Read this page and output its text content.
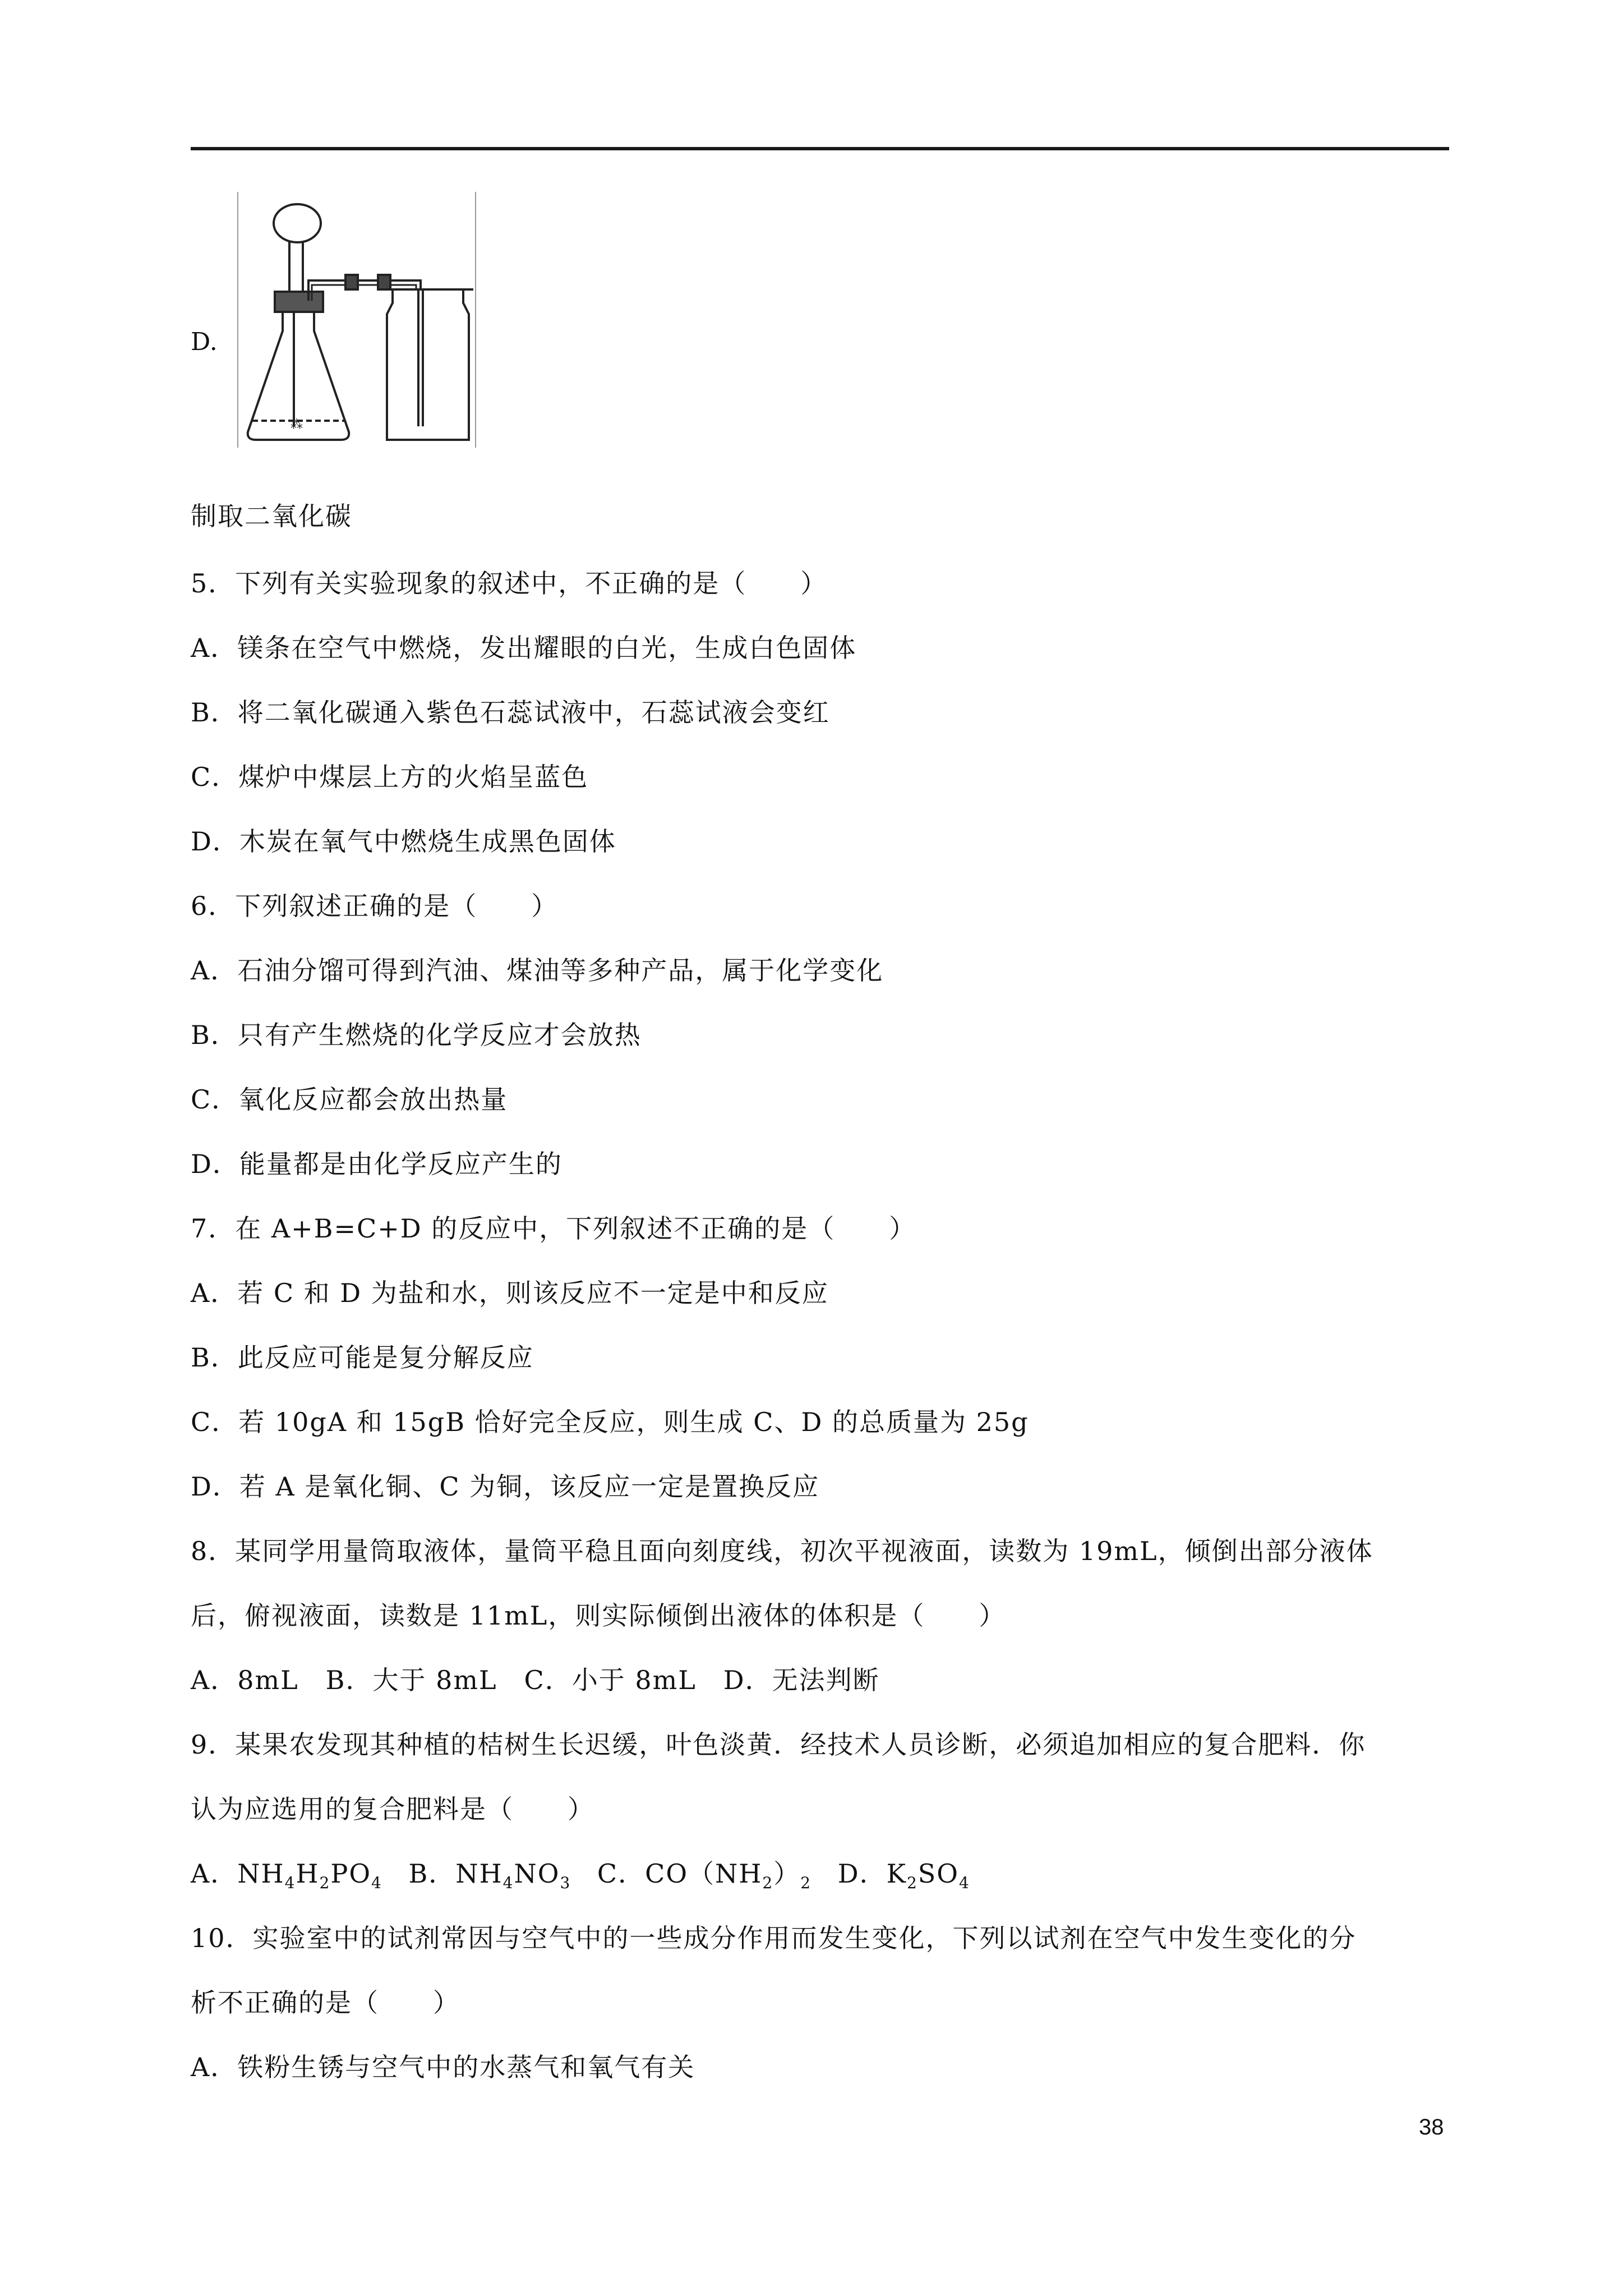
D.
⁂
制取二氧化碳
5．下列有关实验现象的叙述中，不正确的是（　　）
A．镁条在空气中燃烧，发出耀眼的白光，生成白色固体
B．将二氧化碳通入紫色石蕊试液中，石蕊试液会变红
C．煤炉中煤层上方的火焰呈蓝色
D．木炭在氧气中燃烧生成黑色固体
6．下列叙述正确的是（　　）
A．石油分馏可得到汽油、煤油等多种产品，属于化学变化
B．只有产生燃烧的化学反应才会放热
C．氧化反应都会放出热量
D．能量都是由化学反应产生的
7．在 A+B=C+D 的反应中，下列叙述不正确的是（　　）
A．若 C 和 D 为盐和水，则该反应不一定是中和反应
B．此反应可能是复分解反应
C．若 10gA 和 15gB 恰好完全反应，则生成 C、D 的总质量为 25g
D．若 A 是氧化铜、C 为铜，该反应一定是置换反应
8．某同学用量筒取液体，量筒平稳且面向刻度线，初次平视液面，读数为 19mL，倾倒出部分液体
后，俯视液面，读数是 11mL，则实际倾倒出液体的体积是（　　）
A．8mL　B．大于 8mL　C．小于 8mL　D．无法判断
9．某果农发现其种植的桔树生长迟缓，叶色淡黄．经技术人员诊断，必须追加相应的复合肥料．你
认为应选用的复合肥料是（　　）
A．$NH_4H_2PO_4$ B．$NH_4NO_3$ C．$CO(NH_2)_2$ D．$K_2SO_4$
10．实验室中的试剂常因与空气中的一些成分作用而发生变化，下列以试剂在空气中发生变化的分
析不正确的是（　　）
A．铁粉生锈与空气中的水蒸气和氧气有关
38
